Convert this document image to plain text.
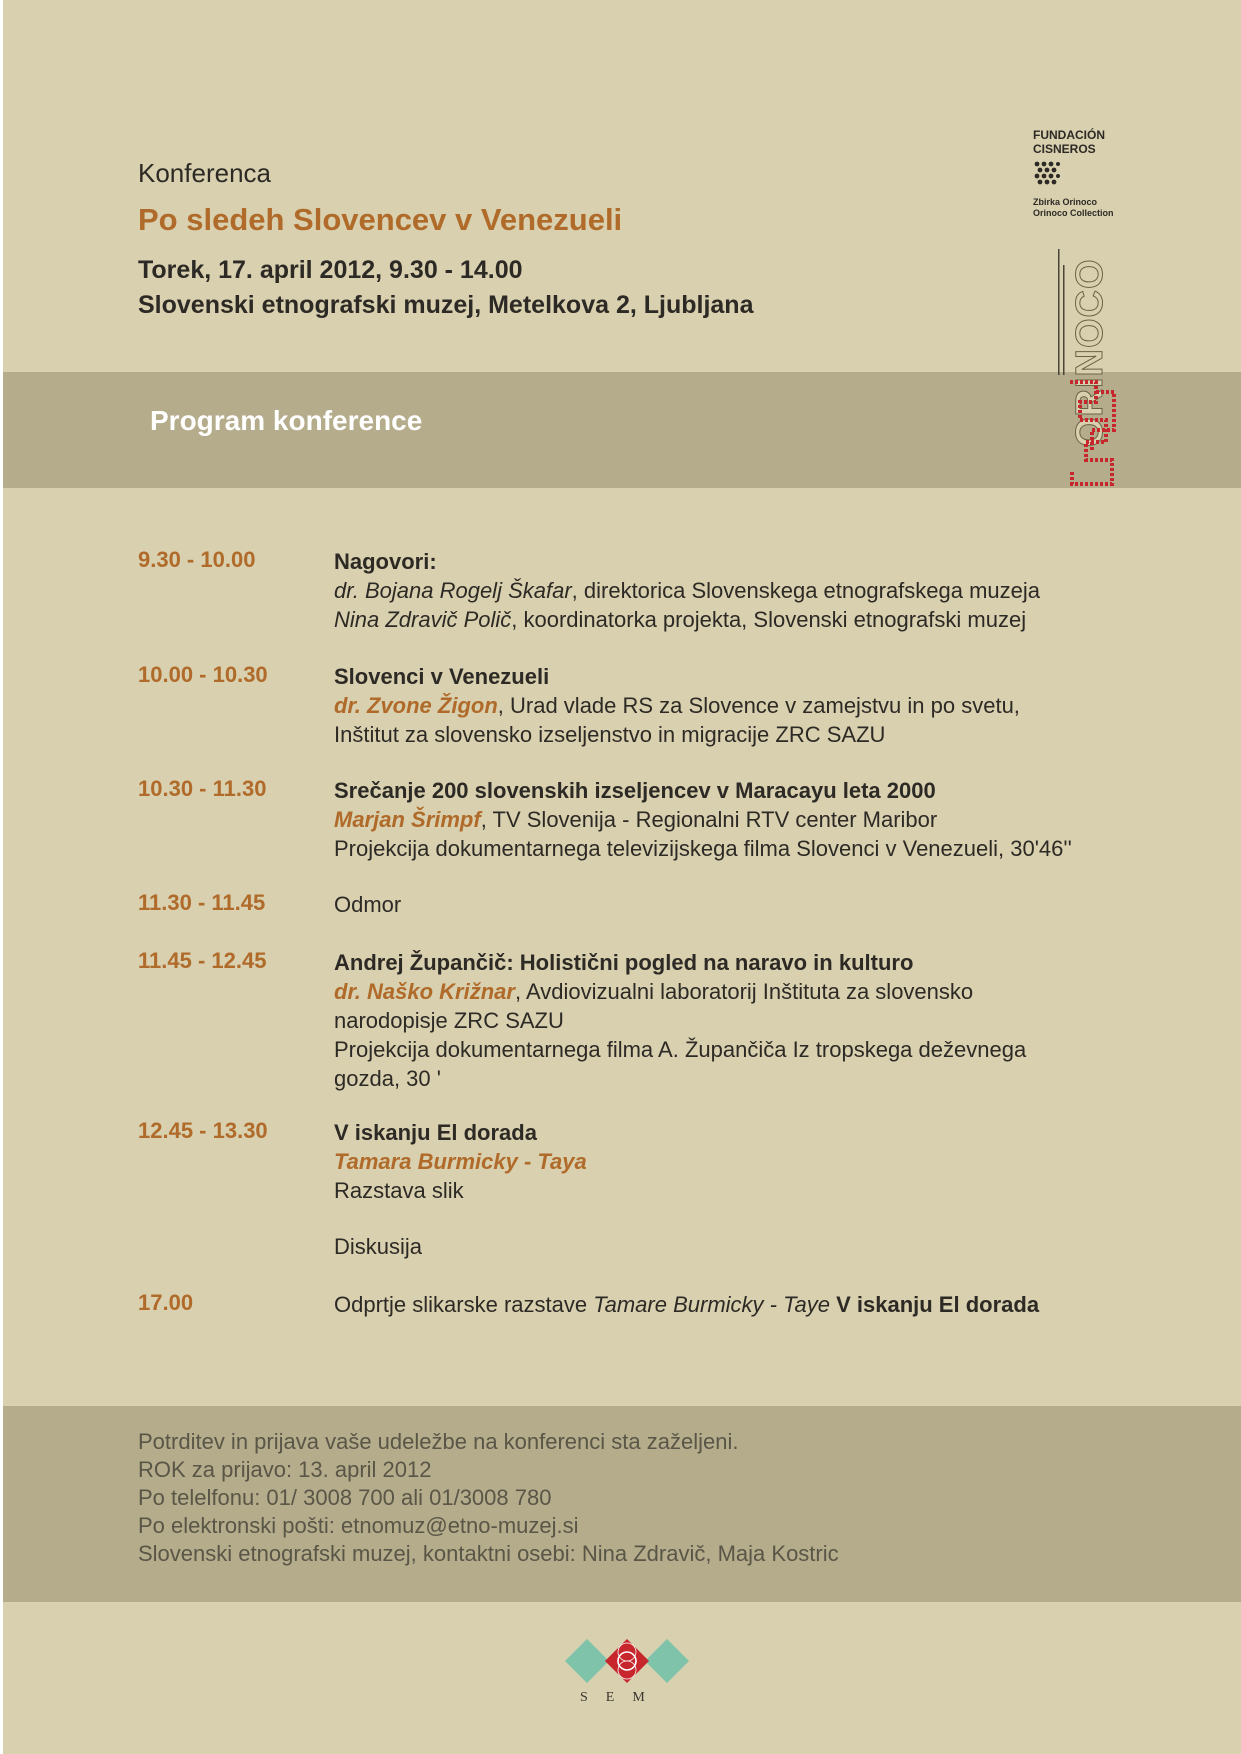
Konferenca
Po sledeh Slovencev v Venezueli
Torek, 17. april 2012, 9.30 - 14.00
Slovenski etnografski muzej, Metelkova 2, Ljubljana
FUNDACIÓN
CISNEROS
Zbirka Orinoco
Orinoco Collection
Program konference	ORINOCO
9.30 - 10.00	Nagovori:
dr. Bojana Rogelj Škafar, direktorica Slovenskega etnografskega muzeja
Nina Zdravič Polič, koordinatorka projekta, Slovenski etnografski muzej
10.00 - 10.30	Slovenci v Venezueli
dr. Zvone Žigon, Urad vlade RS za Slovence v zamejstvu in po svetu,
Inštitut za slovensko izseljenstvo in migracije ZRC SAZU
10.30 - 11.30	Srečanje 200 slovenskih izseljencev v Maracayu leta 2000
Marjan Šrimpf, TV Slovenija - Regionalni RTV center Maribor
Projekcija dokumentarnega televizijskega filma Slovenci v Venezueli, 30'46''
11.30 - 11.45	Odmor
11.45 - 12.45	Andrej Župančič: Holistični pogled na naravo in kulturo
dr. Naško Križnar, Avdiovizualni laboratorij Inštituta za slovensko
narodopisje ZRC SAZU
Projekcija dokumentarnega filma A. Župančiča Iz tropskega deževnega
gozda, 30 '
12.45 - 13.30	V iskanju El dorada
Tamara Burmicky - Taya
Razstava slik
Diskusija
17.00	Odprtje slikarske razstave Tamare Burmicky - Taye V iskanju El dorada
Potrditev in prijava vaše udeležbe na konferenci sta zaželjeni.
ROK za prijavo: 13. april 2012
Po telelfonu: 01/ 3008 700 ali 01/3008 780
Po elektronski pošti: etnomuz@etno-muzej.si
Slovenski etnografski muzej, kontaktni osebi: Nina Zdravič, Maja Kostric
SEM
